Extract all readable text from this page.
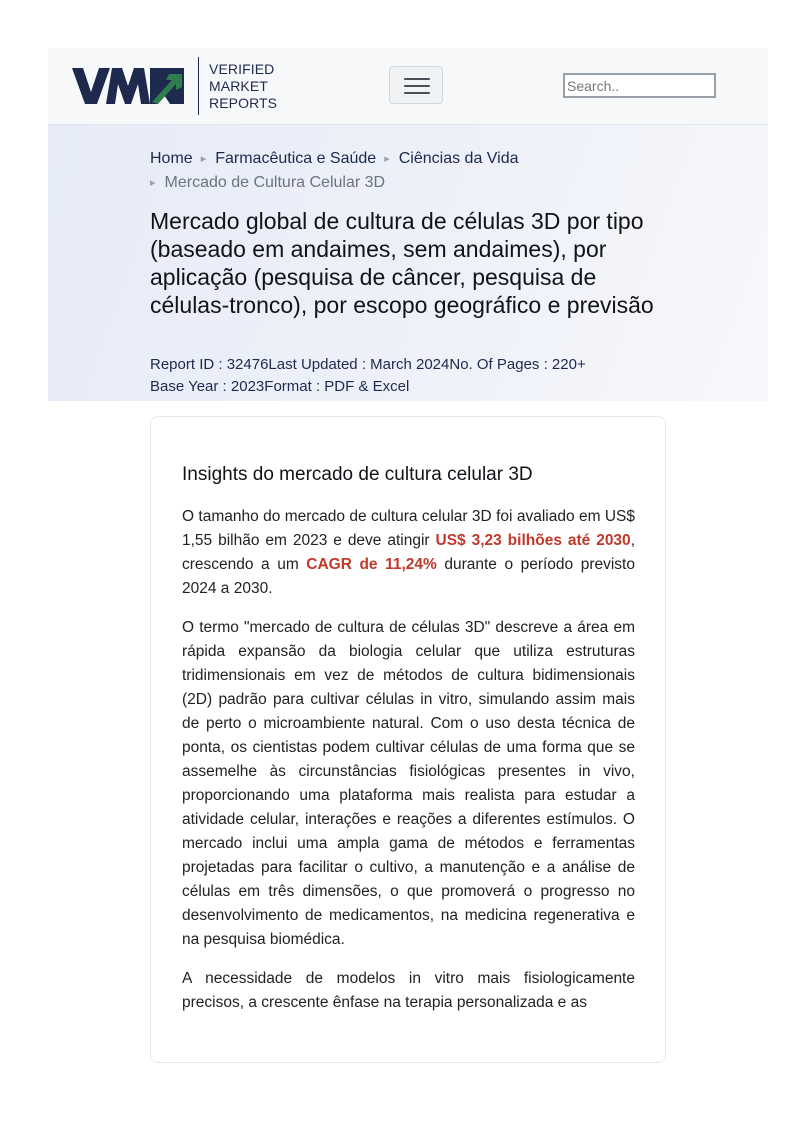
VERIFIED
MARKET
REPORTS
Search..
Home ▸ Farmacêutica e Saúde ▸ Ciências da Vida
▸ Mercado de Cultura Celular 3D
Mercado global de cultura de células 3D por tipo (baseado em andaimes, sem andaimes), por aplicação (pesquisa de câncer, pesquisa de células-tronco), por escopo geográfico e previsão
Report ID : 32476Last Updated : March 2024No. Of Pages : 220+
Base Year : 2023Format : PDF & Excel
Insights do mercado de cultura celular 3D

O tamanho do mercado de cultura celular 3D foi avaliado em US$ 1,55 bilhão em 2023 e deve atingir US$ 3,23 bilhões até 2030, crescendo a um CAGR de 11,24% durante o período previsto 2024 a 2030.

O termo "mercado de cultura de células 3D" descreve a área em rápida expansão da biologia celular que utiliza estruturas tridimensionais em vez de métodos de cultura bidimensionais (2D) padrão para cultivar células in vitro, simulando assim mais de perto o microambiente natural. Com o uso desta técnica de ponta, os cientistas podem cultivar células de uma forma que se assemelhe às circunstâncias fisiológicas presentes in vivo, proporcionando uma plataforma mais realista para estudar a atividade celular, interações e reações a diferentes estímulos. O mercado inclui uma ampla gama de métodos e ferramentas projetadas para facilitar o cultivo, a manutenção e a análise de células em três dimensões, o que promoverá o progresso no desenvolvimento de medicamentos, na medicina regenerativa e na pesquisa biomédica.

A necessidade de modelos in vitro mais fisiologicamente precisos, a crescente ênfase na terapia personalizada e as
